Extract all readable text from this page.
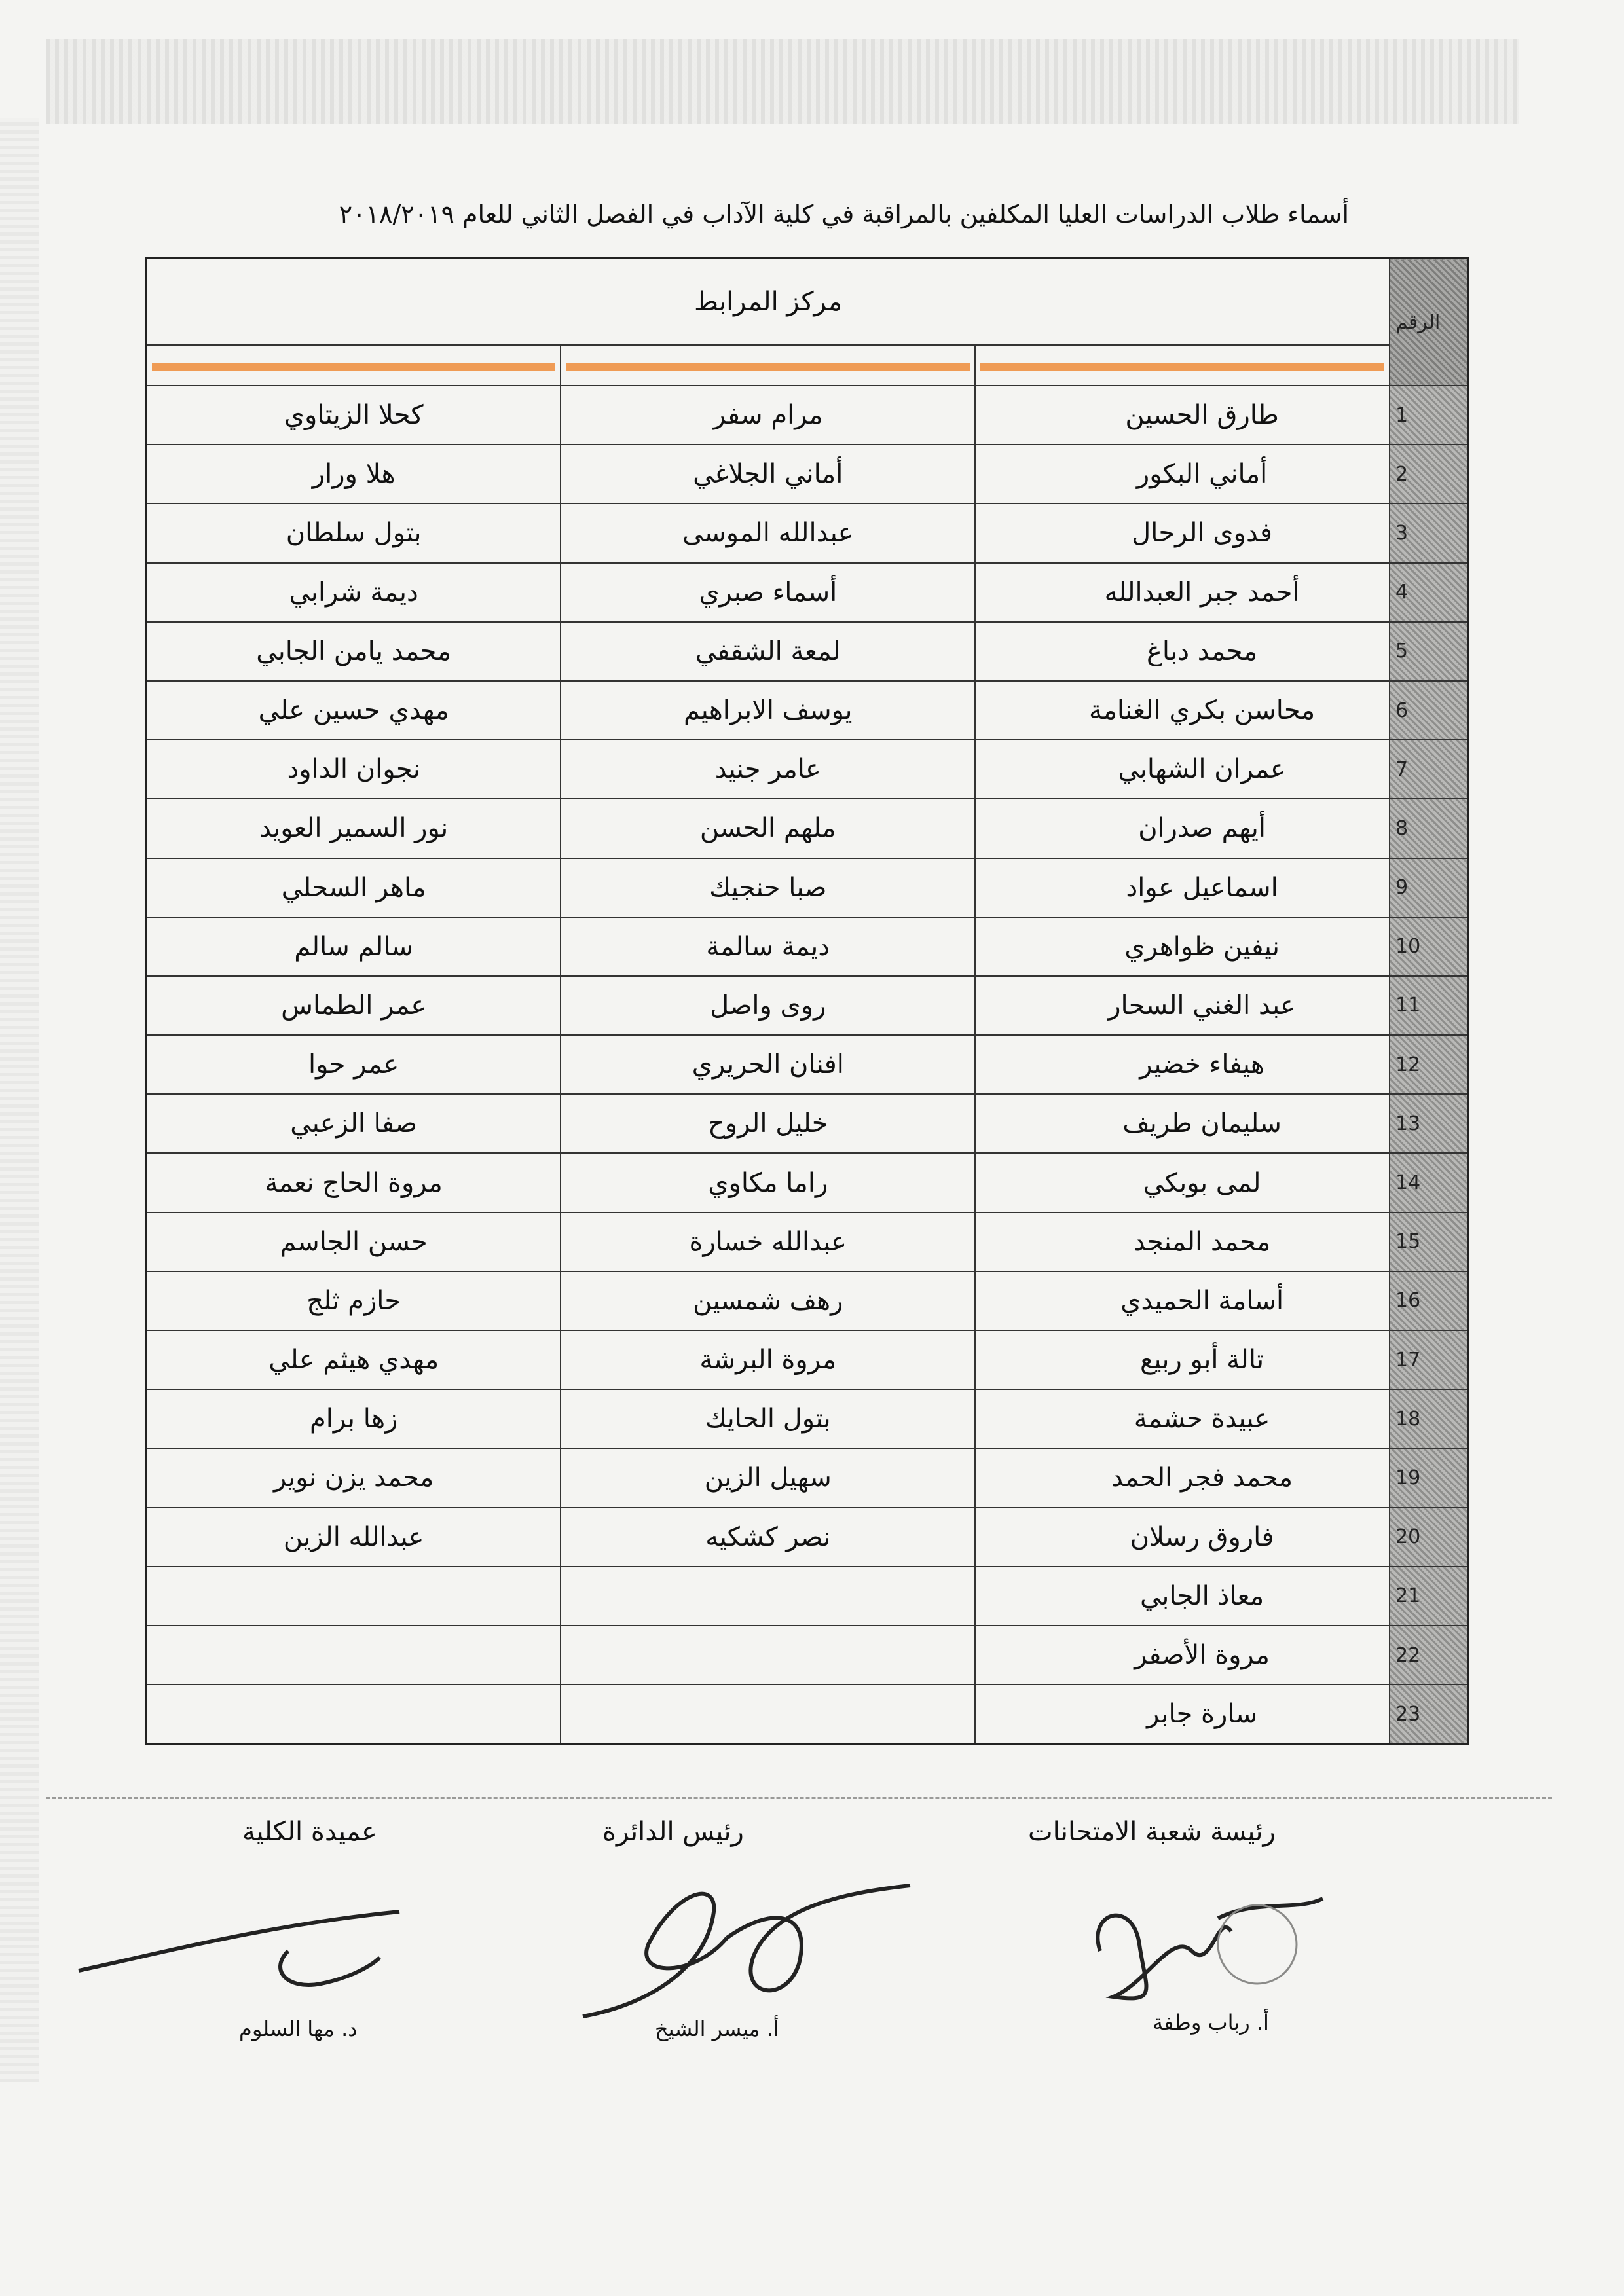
أسماء طلاب الدراسات العليا المكلفين بالمراقبة في كلية الآداب في الفصل الثاني للعام ٢٠١٨/٢٠١٩
الرقم	مركز المرابط		

1	طارق الحسين	مرام سفر	كحلا الزيتاوي
2	أماني البكور	أماني الجلاغي	هلا ورار
3	فدوى الرحال	عبدالله الموسى	بتول سلطان
4	أحمد جبر العبدالله	أسماء صبري	ديمة شرابي
5	محمد دباغ	لمعة الشقفي	محمد يامن الجابي
6	محاسن بكري الغنامة	يوسف الابراهيم	مهدي حسين علي
7	عمران الشهابي	عامر جنيد	نجوان الداود
8	أيهم صدران	ملهم الحسن	نور السمير العويد
9	اسماعيل عواد	صبا حنجيك	ماهر السحلي
10	نيفين ظواهري	ديمة سالمة	سالم سالم
11	عبد الغني السحار	روى واصل	عمر الطماس
12	هيفاء خضير	افنان الحريري	عمر حوا
13	سليمان طريف	خليل الروح	صفا الزعبي
14	لمى بوبكي	راما مكاوي	مروة الحاج نعمة
15	محمد المنجد	عبدالله خسارة	حسن الجاسم
16	أسامة الحميدي	رهف شمسين	حازم ثلج
17	تالة أبو ربيع	مروة البرشة	مهدي هيثم علي
18	عبيدة حشمة	بتول الحايك	زها برام
19	محمد فجر الحمد	سهيل الزين	محمد يزن نوير
20	فاروق رسلان	نصر كشكيه	عبدالله الزين
21	معاذ الجابي		
22	مروة الأصفر		
23	سارة جابر		
رئيسة شعبة الامتحانات
رئيس الدائرة
عميدة الكلية
أ. رباب وطفة
أ. ميسر الشيخ
د. مها السلوم
